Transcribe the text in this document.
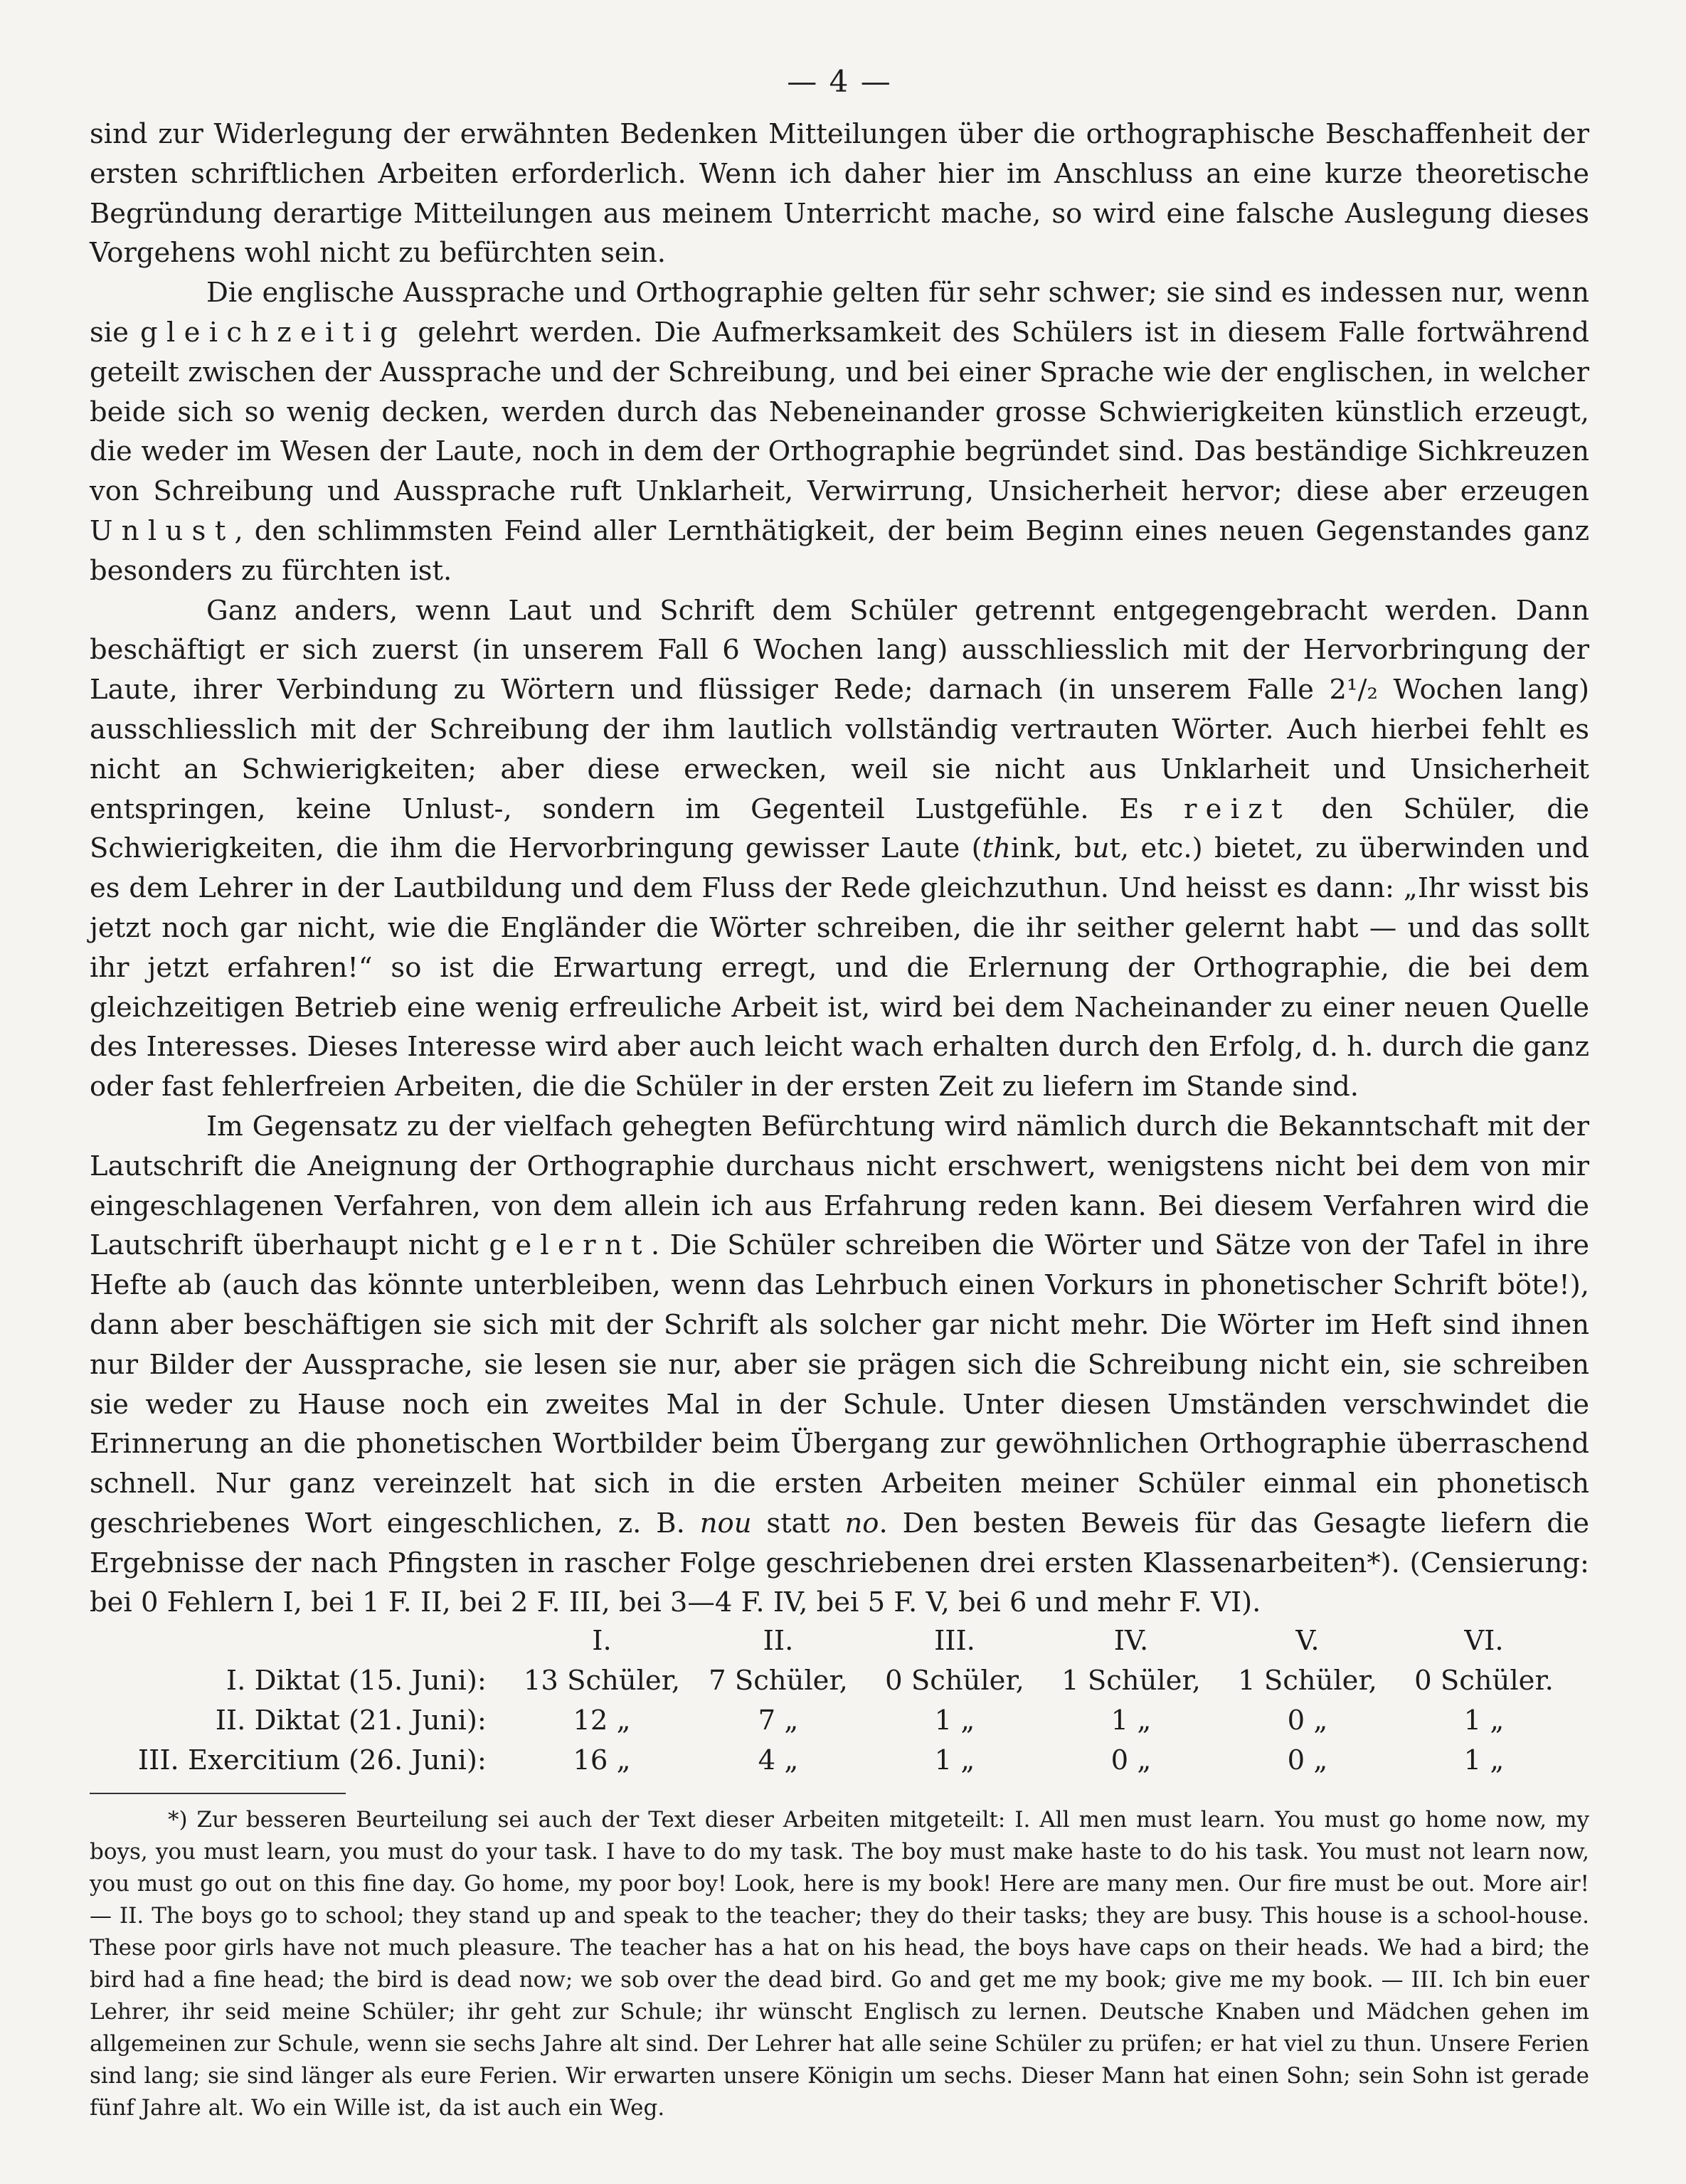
— 4 —

sind zur Widerlegung der erwähnten Bedenken Mitteilungen über die orthographische Beschaffenheit der ersten schriftlichen Arbeiten erforderlich. Wenn ich daher hier im Anschluss an eine kurze theoretische Begründung derartige Mitteilungen aus meinem Unterricht mache, so wird eine falsche Auslegung dieses Vorgehens wohl nicht zu befürchten sein.

Die englische Aussprache und Orthographie gelten für sehr schwer; sie sind es indessen nur, wenn sie gleichzeitig gelehrt werden. Die Aufmerksamkeit des Schülers ist in diesem Falle fortwährend geteilt zwischen der Aussprache und der Schreibung, und bei einer Sprache wie der englischen, in welcher beide sich so wenig decken, werden durch das Nebeneinander grosse Schwierigkeiten künstlich erzeugt, die weder im Wesen der Laute, noch in dem der Orthographie begründet sind. Das beständige Sichkreuzen von Schreibung und Aussprache ruft Unklarheit, Verwirrung, Unsicherheit hervor; diese aber erzeugen Unlust, den schlimmsten Feind aller Lernthätigkeit, der beim Beginn eines neuen Gegenstandes ganz besonders zu fürchten ist.

Ganz anders, wenn Laut und Schrift dem Schüler getrennt entgegengebracht werden. Dann beschäftigt er sich zuerst (in unserem Fall 6 Wochen lang) ausschliesslich mit der Hervorbringung der Laute, ihrer Verbindung zu Wörtern und flüssiger Rede; darnach (in unserem Falle 2¹/₂ Wochen lang) ausschliesslich mit der Schreibung der ihm lautlich vollständig vertrauten Wörter. Auch hierbei fehlt es nicht an Schwierigkeiten; aber diese erwecken, weil sie nicht aus Unklarheit und Unsicherheit entspringen, keine Unlust-, sondern im Gegenteil Lustgefühle. Es reizt den Schüler, die Schwierigkeiten, die ihm die Hervorbringung gewisser Laute (think, but, etc.) bietet, zu überwinden und es dem Lehrer in der Lautbildung und dem Fluss der Rede gleichzuthun. Und heisst es dann: „Ihr wisst bis jetzt noch gar nicht, wie die Engländer die Wörter schreiben, die ihr seither gelernt habt — und das sollt ihr jetzt erfahren!“ so ist die Erwartung erregt, und die Erlernung der Orthographie, die bei dem gleichzeitigen Betrieb eine wenig erfreuliche Arbeit ist, wird bei dem Nacheinander zu einer neuen Quelle des Interesses. Dieses Interesse wird aber auch leicht wach erhalten durch den Erfolg, d. h. durch die ganz oder fast fehlerfreien Arbeiten, die die Schüler in der ersten Zeit zu liefern im Stande sind.

Im Gegensatz zu der vielfach gehegten Befürchtung wird nämlich durch die Bekanntschaft mit der Lautschrift die Aneignung der Orthographie durchaus nicht erschwert, wenigstens nicht bei dem von mir eingeschlagenen Verfahren, von dem allein ich aus Erfahrung reden kann. Bei diesem Verfahren wird die Lautschrift überhaupt nicht gelernt. Die Schüler schreiben die Wörter und Sätze von der Tafel in ihre Hefte ab (auch das könnte unterbleiben, wenn das Lehrbuch einen Vorkurs in phonetischer Schrift böte!), dann aber beschäftigen sie sich mit der Schrift als solcher gar nicht mehr. Die Wörter im Heft sind ihnen nur Bilder der Aussprache, sie lesen sie nur, aber sie prägen sich die Schreibung nicht ein, sie schreiben sie weder zu Hause noch ein zweites Mal in der Schule. Unter diesen Umständen verschwindet die Erinnerung an die phonetischen Wortbilder beim Übergang zur gewöhnlichen Orthographie überraschend schnell. Nur ganz vereinzelt hat sich in die ersten Arbeiten meiner Schüler einmal ein phonetisch geschriebenes Wort eingeschlichen, z. B. nou statt no. Den besten Beweis für das Gesagte liefern die Ergebnisse der nach Pfingsten in rascher Folge geschriebenen drei ersten Klassenarbeiten*). (Censierung: bei 0 Fehlern I, bei 1 F. II, bei 2 F. III, bei 3—4 F. IV, bei 5 F. V, bei 6 und mehr F. VI).

		I.	II.	III.	IV.	V.	VI.
I. Diktat	(15. Juni):	13 Schüler,	7 Schüler,	0 Schüler,	1 Schüler,	1 Schüler,	0 Schüler.
II. Diktat	(21. Juni):	12 „	7 „	1 „	1 „	0 „	1 „
III. Exercitium	(26. Juni):	16 „	4 „	1 „	0 „	0 „	1 „

*) Zur besseren Beurteilung sei auch der Text dieser Arbeiten mitgeteilt: I. All men must learn. You must go home now, my boys, you must learn, you must do your task. I have to do my task. The boy must make haste to do his task. You must not learn now, you must go out on this fine day. Go home, my poor boy! Look, here is my book! Here are many men. Our fire must be out. More air! — II. The boys go to school; they stand up and speak to the teacher; they do their tasks; they are busy. This house is a school-house. These poor girls have not much pleasure. The teacher has a hat on his head, the boys have caps on their heads. We had a bird; the bird had a fine head; the bird is dead now; we sob over the dead bird. Go and get me my book; give me my book. — III. Ich bin euer Lehrer, ihr seid meine Schüler; ihr geht zur Schule; ihr wünscht Englisch zu lernen. Deutsche Knaben und Mädchen gehen im allgemeinen zur Schule, wenn sie sechs Jahre alt sind. Der Lehrer hat alle seine Schüler zu prüfen; er hat viel zu thun. Unsere Ferien sind lang; sie sind länger als eure Ferien. Wir erwarten unsere Königin um sechs. Dieser Mann hat einen Sohn; sein Sohn ist gerade fünf Jahre alt. Wo ein Wille ist, da ist auch ein Weg.
